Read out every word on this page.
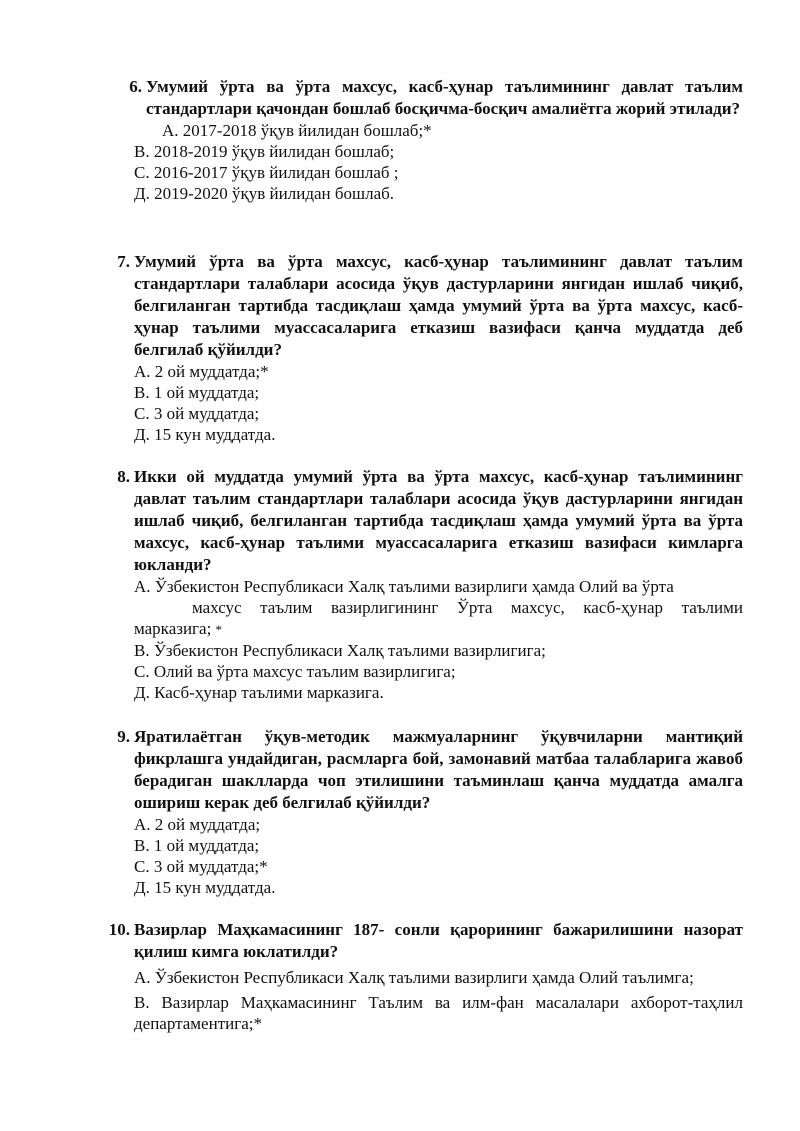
6. Умумий ўрта ва ўрта махсус, касб-ҳунар таълимининг давлат таълим стандартлари қачондан бошлаб босқичма-босқич амалиётга жорий этилади?
А. 2017-2018 ўқув йилидан бошлаб;*
В. 2018-2019 ўқув йилидан бошлаб;
С. 2016-2017 ўқув йилидан бошлаб ;
Д. 2019-2020 ўқув йилидан бошлаб.
7. Умумий ўрта ва ўрта махсус, касб-ҳунар таълимининг давлат таълим стандартлари талаблари асосида ўқув дастурларини янгидан ишлаб чиқиб, белгиланган тартибда тасдиқлаш ҳамда умумий ўрта ва ўрта махсус, касб-ҳунар таълими муассасаларига етказиш вазифаси қанча муддатда деб белгилаб қўйилди?
А. 2 ой муддатда;*
В. 1 ой муддатда;
С. 3 ой муддатда;
Д. 15 кун муддатда.
8. Икки ой муддатда умумий ўрта ва ўрта махсус, касб-ҳунар таълимининг давлат таълим стандартлари талаблари асосида ўқув дастурларини янгидан ишлаб чиқиб, белгиланган тартибда тасдиқлаш ҳамда умумий ўрта ва ўрта махсус, касб-ҳунар таълими муассасаларига етказиш вазифаси кимларга юкланди?
А. Ўзбекистон Республикаси Халқ таълими вазирлиги ҳамда Олий ва ўрта
махсус таълим вазирлигининг Ўрта махсус, касб-ҳунар таълими
марказига; *
В. Ўзбекистон Республикаси Халқ таълими вазирлигига;
С. Олий ва ўрта махсус таълим вазирлигига;
Д. Касб-ҳунар таълими марказига.
9. Яратилаётган ўқув-методик мажмуаларнинг ўқувчиларни мантиқий фикрлашга ундайдиган, расмларга бой, замонавий матбаа талабларига жавоб берадиган шаклларда чоп этилишини таъминлаш қанча муддатда амалга ошириш керак деб белгилаб қўйилди?
А. 2 ой муддатда;
В. 1 ой муддатда;
С. 3 ой муддатда;*
Д. 15 кун муддатда.
10. Вазирлар Маҳкамасининг 187- сонли қарорининг бажарилишини назорат қилиш кимга юклатилди?
А. Ўзбекистон Республикаси Халқ таълими вазирлиги ҳамда Олий таълимга;
В. Вазирлар Маҳкамасининг Таълим ва илм-фан масалалари ахборот-таҳлил департаментига;*
